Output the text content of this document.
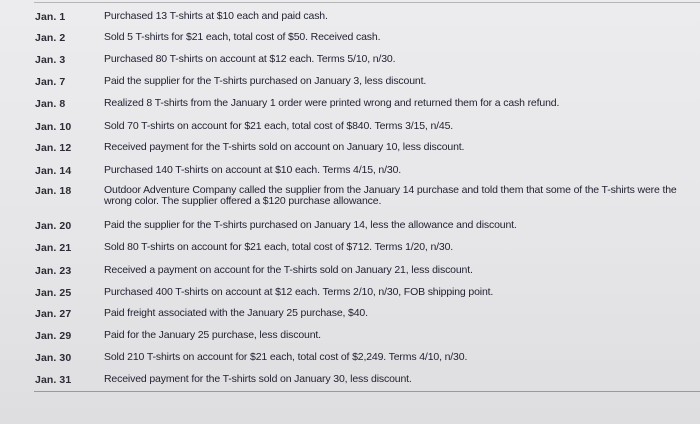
Jan. 1	Purchased 13 T-shirts at $10 each and paid cash.
Jan. 2	Sold 5 T-shirts for $21 each, total cost of $50. Received cash.
Jan. 3	Purchased 80 T-shirts on account at $12 each. Terms 5/10, n/30.
Jan. 7	Paid the supplier for the T-shirts purchased on January 3, less discount.
Jan. 8	Realized 8 T-shirts from the January 1 order were printed wrong and returned them for a cash refund.
Jan. 10	Sold 70 T-shirts on account for $21 each, total cost of $840. Terms 3/15, n/45.
Jan. 12	Received payment for the T-shirts sold on account on January 10, less discount.
Jan. 14	Purchased 140 T-shirts on account at $10 each. Terms 4/15, n/30.
Jan. 18	Outdoor Adventure Company called the supplier from the January 14 purchase and told them that some of the T-shirts were the wrong color. The supplier offered a $120 purchase allowance.
Jan. 20	Paid the supplier for the T-shirts purchased on January 14, less the allowance and discount.
Jan. 21	Sold 80 T-shirts on account for $21 each, total cost of $712. Terms 1/20, n/30.
Jan. 23	Received a payment on account for the T-shirts sold on January 21, less discount.
Jan. 25	Purchased 400 T-shirts on account at $12 each. Terms 2/10, n/30, FOB shipping point.
Jan. 27	Paid freight associated with the January 25 purchase, $40.
Jan. 29	Paid for the January 25 purchase, less discount.
Jan. 30	Sold 210 T-shirts on account for $21 each, total cost of $2,249. Terms 4/10, n/30.
Jan. 31	Received payment for the T-shirts sold on January 30, less discount.
